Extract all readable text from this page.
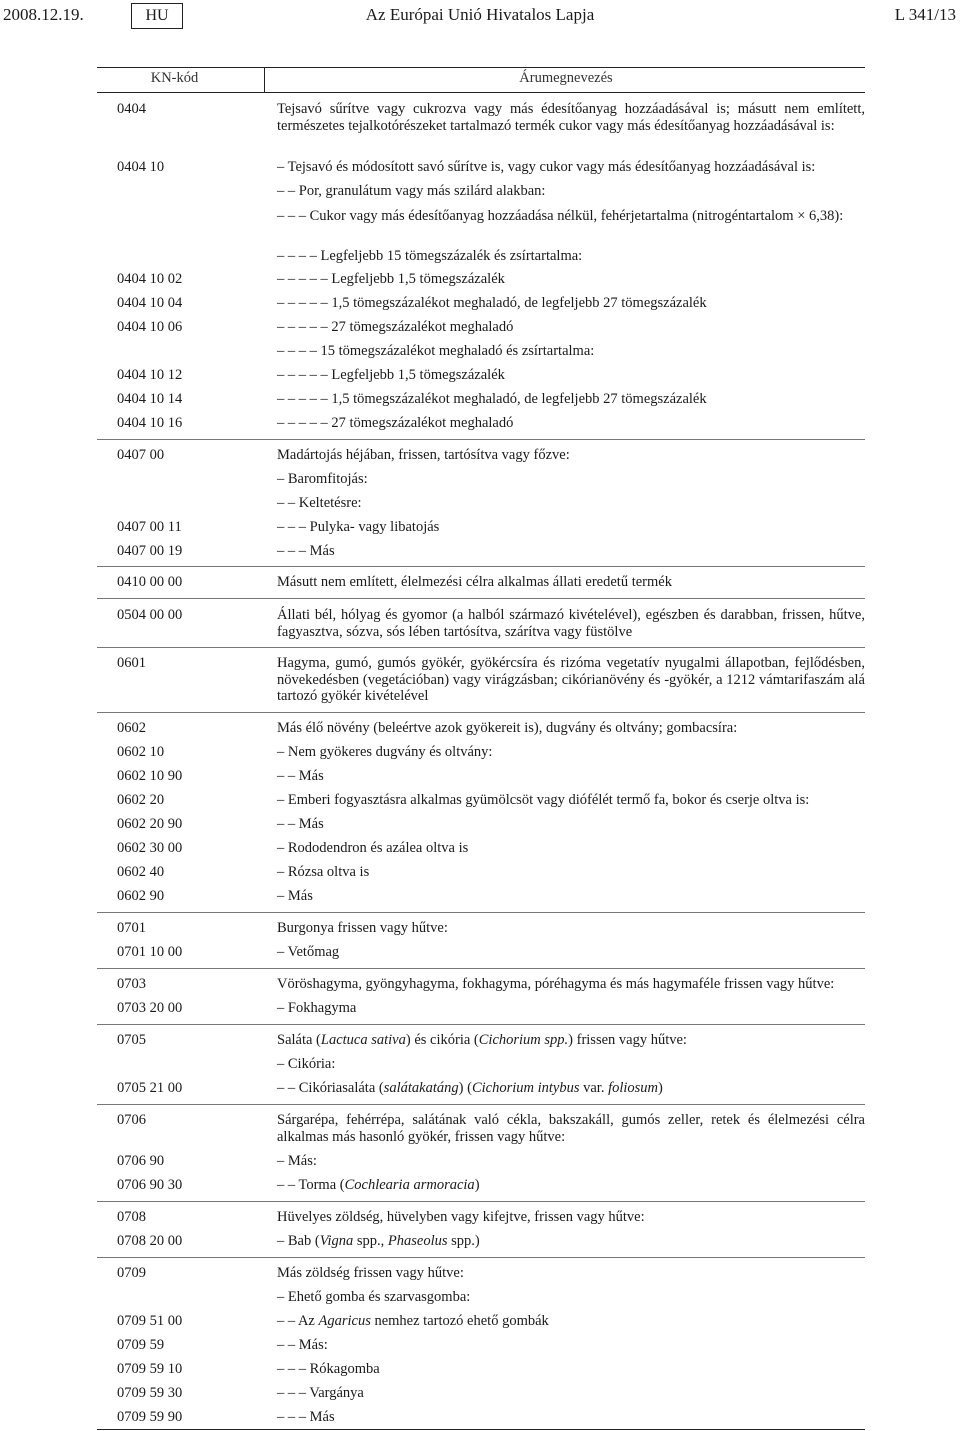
2008.12.19.	HU	Az Európai Unió Hivatalos Lapja	L 341/13
KN-kód	Árumegnevezés
0404	Tejsavó sűrítve vagy cukrozva vagy más édesítőanyag hozzáadásával is; másutt nem említett, természetes tejalkotórészeket tartalmazó termék cukor vagy más édesítőanyag hozzáadásával is:
0404 10	– Tejsavó és módosított savó sűrítve is, vagy cukor vagy más édesítőanyag hozzáadásával is:
– – Por, granulátum vagy más szilárd alakban:
– – – Cukor vagy más édesítőanyag hozzáadása nélkül, fehérjetartalma (nitrogéntartalom × 6,38):
– – – – Legfeljebb 15 tömegszázalék és zsírtartalma:
0404 10 02	– – – – – Legfeljebb 1,5 tömegszázalék
0404 10 04	– – – – – 1,5 tömegszázalékot meghaladó, de legfeljebb 27 tömegszázalék
0404 10 06	– – – – – 27 tömegszázalékot meghaladó
– – – – 15 tömegszázalékot meghaladó és zsírtartalma:
0404 10 12	– – – – – Legfeljebb 1,5 tömegszázalék
0404 10 14	– – – – – 1,5 tömegszázalékot meghaladó, de legfeljebb 27 tömegszázalék
0404 10 16	– – – – – 27 tömegszázalékot meghaladó
0407 00	Madártojás héjában, frissen, tartósítva vagy főzve:
– Baromfitojás:
– – Keltetésre:
0407 00 11	– – – Pulyka- vagy libatojás
0407 00 19	– – – Más
0410 00 00	Másutt nem említett, élelmezési célra alkalmas állati eredetű termék
0504 00 00	Állati bél, hólyag és gyomor (a halból származó kivételével), egészben és darabban, frissen, hűtve, fagyasztva, sózva, sós lében tartósítva, szárítva vagy füstölve
0601	Hagyma, gumó, gumós gyökér, gyökércsíra és rizóma vegetatív nyugalmi állapotban, fejlődésben, növekedésben (vegetációban) vagy virágzásban; cikórianövény és -gyökér, a 1212 vámtarifaszám alá tartozó gyökér kivételével
0602	Más élő növény (beleértve azok gyökereit is), dugvány és oltvány; gombacsíra:
0602 10	– Nem gyökeres dugvány és oltvány:
0602 10 90	– – Más
0602 20	– Emberi fogyasztásra alkalmas gyümölcsöt vagy diófélét termő fa, bokor és cserje oltva is:
0602 20 90	– – Más
0602 30 00	– Rododendron és azálea oltva is
0602 40	– Rózsa oltva is
0602 90	– Más
0701	Burgonya frissen vagy hűtve:
0701 10 00	– Vetőmag
0703	Vöröshagyma, gyöngyhagyma, fokhagyma, póréhagyma és más hagymaféle frissen vagy hűtve:
0703 20 00	– Fokhagyma
0705	Saláta (Lactuca sativa) és cikória (Cichorium spp.) frissen vagy hűtve:
– Cikória:
0705 21 00	– – Cikóriasaláta (salátakatáng) (Cichorium intybus var. foliosum)
0706	Sárgarépa, fehérrépa, salátának való cékla, bakszakáll, gumós zeller, retek és élelmezési célra alkalmas más hasonló gyökér, frissen vagy hűtve:
0706 90	– Más:
0706 90 30	– – Torma (Cochlearia armoracia)
0708	Hüvelyes zöldség, hüvelyben vagy kifejtve, frissen vagy hűtve:
0708 20 00	– Bab (Vigna spp., Phaseolus spp.)
0709	Más zöldség frissen vagy hűtve:
– Ehető gomba és szarvasgomba:
0709 51 00	– – Az Agaricus nemhez tartozó ehető gombák
0709 59	– – Más:
0709 59 10	– – – Rókagomba
0709 59 30	– – – Vargánya
0709 59 90	– – – Más
